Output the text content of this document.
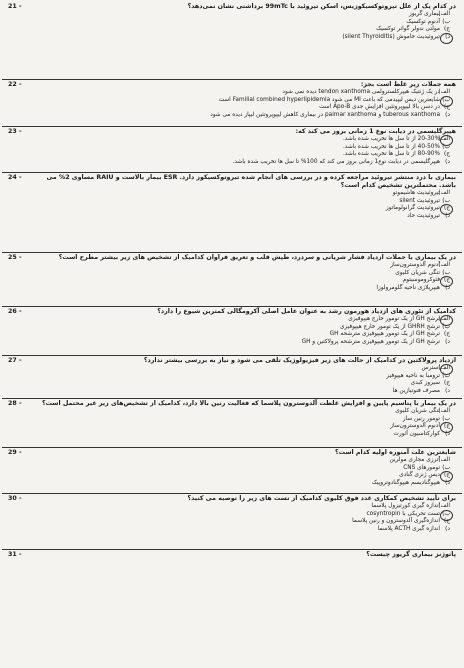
در کدام یک از علل تیروتوکسیکوزیس، اسکن تیروئید با 99mTc برداشتی نشان نمی‌دهد؟
21 -
الف)
بیماری گریوز
ب)
آدنوم توکسیک
ج)
مولتی ندولر گواتر توکسیک
د)
تیروئیدیت خاموش (silent Thyroiditis)
همه جملات زیر غلط است بجز:
22 -
الف)
در یک ژنتیک هیپرکلسترولمی tendon xanthoma دیده نمی شود
ب)
شایعترین دیس لیپیدمی که باعث MI می شود Familial combined hyperlipidemia است
ج)
در دسن بالا لیپوپروتئین افزایش جدی Apo-B است
د)
tuberous xanthoma و palmar xanthoma در بیماری کاهش لیپوپروتئین لیپاز دیده می شود
هیپرگلیسمی در دیابت نوع 1 زمانی بروز می کند که:
23 -
الف)
20-30% از تا سل ها تخریب شده باشد.
ب)
40-50% از تا سل ها تخریب شده باشد.
ج)
80-90% از تا سل ها تخریب شده باشد.
د)
هیپرگلیسمی در دیابت نوع1 زمانی بروز می کند که 100% تا سل ها تخریب شده باشد.
بیماری با درد منتشر تیروئید مراجعه کرده و در بررسی های انجام شده تیروتوکسیکوز دارد. ESR بیمار بالاست و RAIU مساوی 2% می باشد. محتملترین تشخیص کدام است؟
24 -
الف)
تیروئیدیت هاشیموتو
ب)
تیروئیدیت silent
ج)
تیروئیدیت گرانولوماتوز
د)
تیروئیدیت حاد
در یک بیماری با حملات ازدیاد فشار شریانی و سردرد، طپش قلب و تعریق فراوان کدامیک از تشخیص های زیر بیشتر مطرح است؟
25 -
الف)
آدنوم آلدوسترون‌ساز
ب)
تنگی شریان کلیوی
ج)
فئوکروموسیتوم
د)
هیپرپلازی ناحیه گلومرولوزا
کدامیک از تئوری های ازدیاد هورمون رشد به عنوان عامل اصلی آکرومگالی کمترین شیوع را دارد؟
26 -
الف)
ترشح GH از یک تومور خارج هیپوفیزی
ب)
ترشح GHRH از یک تومور خارج هیپوفیزی
ج)
ترشح GH از یک تومور هیپوفیزی مترشحه GH
د)
ترشح GH از یک تومور هیپوفیزی مترشحه پرولاکتین و GH
ازدیاد پرولاکتین در کدامیک از حالت های زیر فیزیولوژیک تلقی می شود و نیاز به بررسی بیشتر ندارد؟
27 -
الف)
استرس
ب)
ترومبا به ناحیه هیپوفیز
ج)
سیروز کبدی
د)
مصرف فنوتیازین ها
در یک بیمار با پتاسیم پایین و افزایش غلظت آلدوسترون پلاسما که فعالیت رنین بالا دارد، کدامیک از تشخیص‌های زیر غیر محتمل است؟
28 -
الف)
تنگی شریان کلیوی
ب)
تومور رنین ساز
ج)
آدنوم آلدوسترون‌ساز
د)
کوارکتاسیون آئورت
شایعترین علت آمنوره اولیه کدام است؟
29 -
الف)
آترزی مجاری مولرین
ب)
تومورهای CNS
ج)
دیس ژنزی گنادی
د)
هیپوگنادیسم هیپوگنادوتروپیک
برای تأیید تشخیص کمکاری غدد فوق کلیوی کدامیک از تست های زیر را توصیه می کنید؟
30 -
الف)
اندازه گیری کورتیزول پلاسما
ب)
تست تحریکی با cosyntropin
ج)
اندازه‌گیری آلدوسترون و رنین پلاسما
د)
اندازه گیری ACTH پلاسما
پاتوژنز بیماری گریوز چیست؟
31 -
